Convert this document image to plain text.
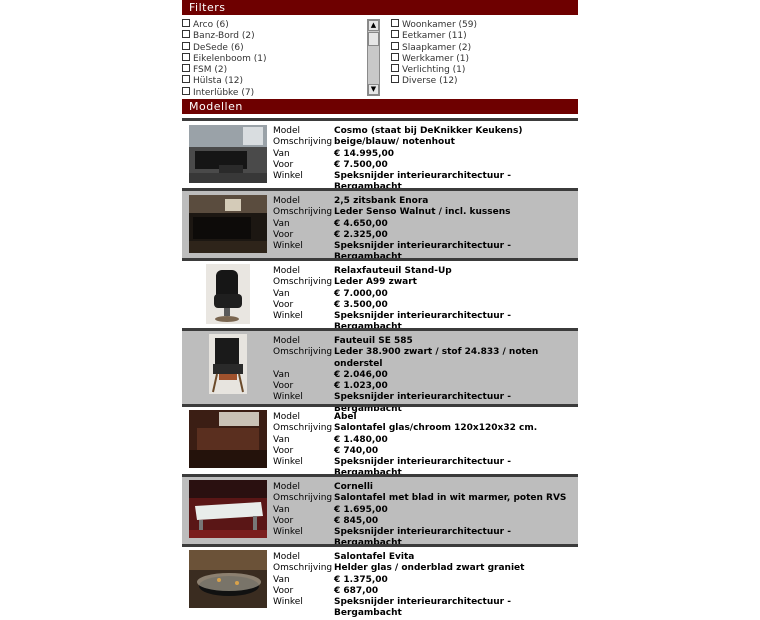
Filters
Arco (6)
Banz-Bord (2)
DeSede (6)
Eikelenboom (1)
FSM (2)
Hülsta (12)
Interlübke (7)
Woonkamer (59)
Eetkamer (11)
Slaapkamer (2)
Werkkamer (1)
Verlichting (1)
Diverse (12)
Modellen
Model	Cosmo (staat bij DeKnikker Keukens)
Omschrijving beige/blauw/ notenhout
Van	€ 14.995,00
Voor	€ 7.500,00
Winkel	Speksnijder interieurarchitectuur -
Model	2,5 zitsbank Enora
Omschrijving Leder Senso Walnut / incl. kussens
Van	€ 4.650,00
Voor	€ 2.325,00
Winkel	Speksnijder interieurarchitectuur - Bergambacht
Model	Relaxfauteuil Stand-Up
Omschrijving Leder A99 zwart
Van	€ 7.000,00
Voor	€ 3.500,00
Winkel	Speksnijder interieurarchitectuur -
Model	Fauteuil SE 585
Omschrijving Leder 38.900 zwart / stof 24.833 / noten onderstel
Van	€ 2.046,00
Voor	€ 1.023,00
Winkel	Speksnijder interieurarchitectuur - Bergambacht
Model	Abel
Omschrijving Salontafel glas/chroom 120x120x32 cm.
Van	€ 1.480,00
Voor	€ 740,00
Winkel	Speksnijder interieurarchitectuur -
Model	Cornelli
Omschrijving Salontafel met blad in wit marmer, poten RVS
Van	€ 1.695,00
Voor	€ 845,00
Winkel	Speksnijder interieurarchitectuur - Bergambacht
Model	Salontafel Evita
Omschrijving Helder glas / onderblad zwart graniet
Van	€ 1.375,00
Voor	€ 687,00
Winkel	Speksnijder interieurarchitectuur - Bergambacht
▲
▼
